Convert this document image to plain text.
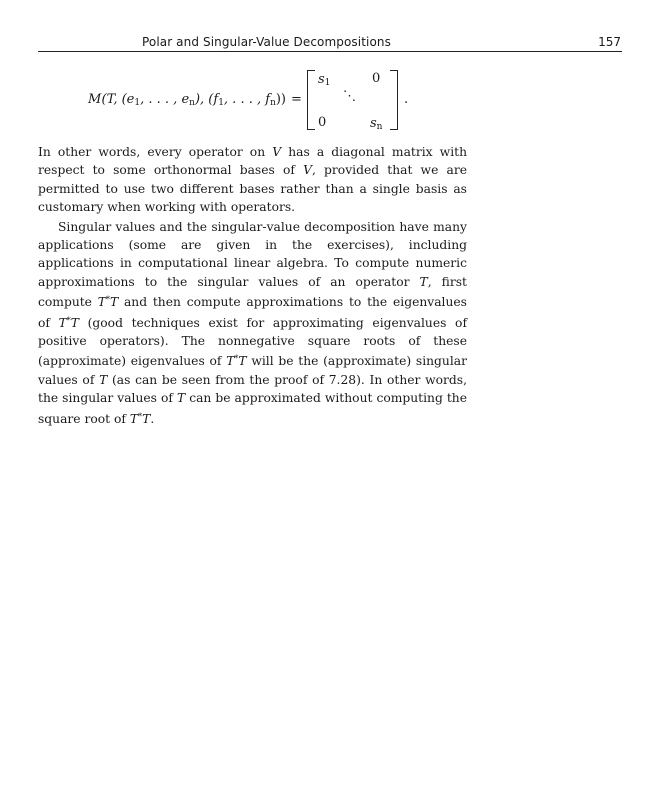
Polar and Singular-Value Decompositions	157
M(T, ($e_1$, . . . , $e_n$), ($f_1$, . . . , $f_n$)) =
$s_1$	0
⋱
0	$s_n$
.

In other words, every operator on V has a diagonal matrix with respect to some orthonormal bases of V, provided that we are permitted to use two different bases rather than a single basis as customary when working with operators.

Singular values and the singular-value decomposition have many applications (some are given in the exercises), including applications in computational linear algebra. To compute numeric approximations to the singular values of an operator T, first compute T*T and then compute approximations to the eigenvalues of T*T (good techniques exist for approximating eigenvalues of positive operators). The nonnegative square roots of these (approximate) eigenvalues of T*T will be the (approximate) singular values of T (as can be seen from the proof of 7.28). In other words, the singular values of T can be approximated without computing the square root of T*T.
